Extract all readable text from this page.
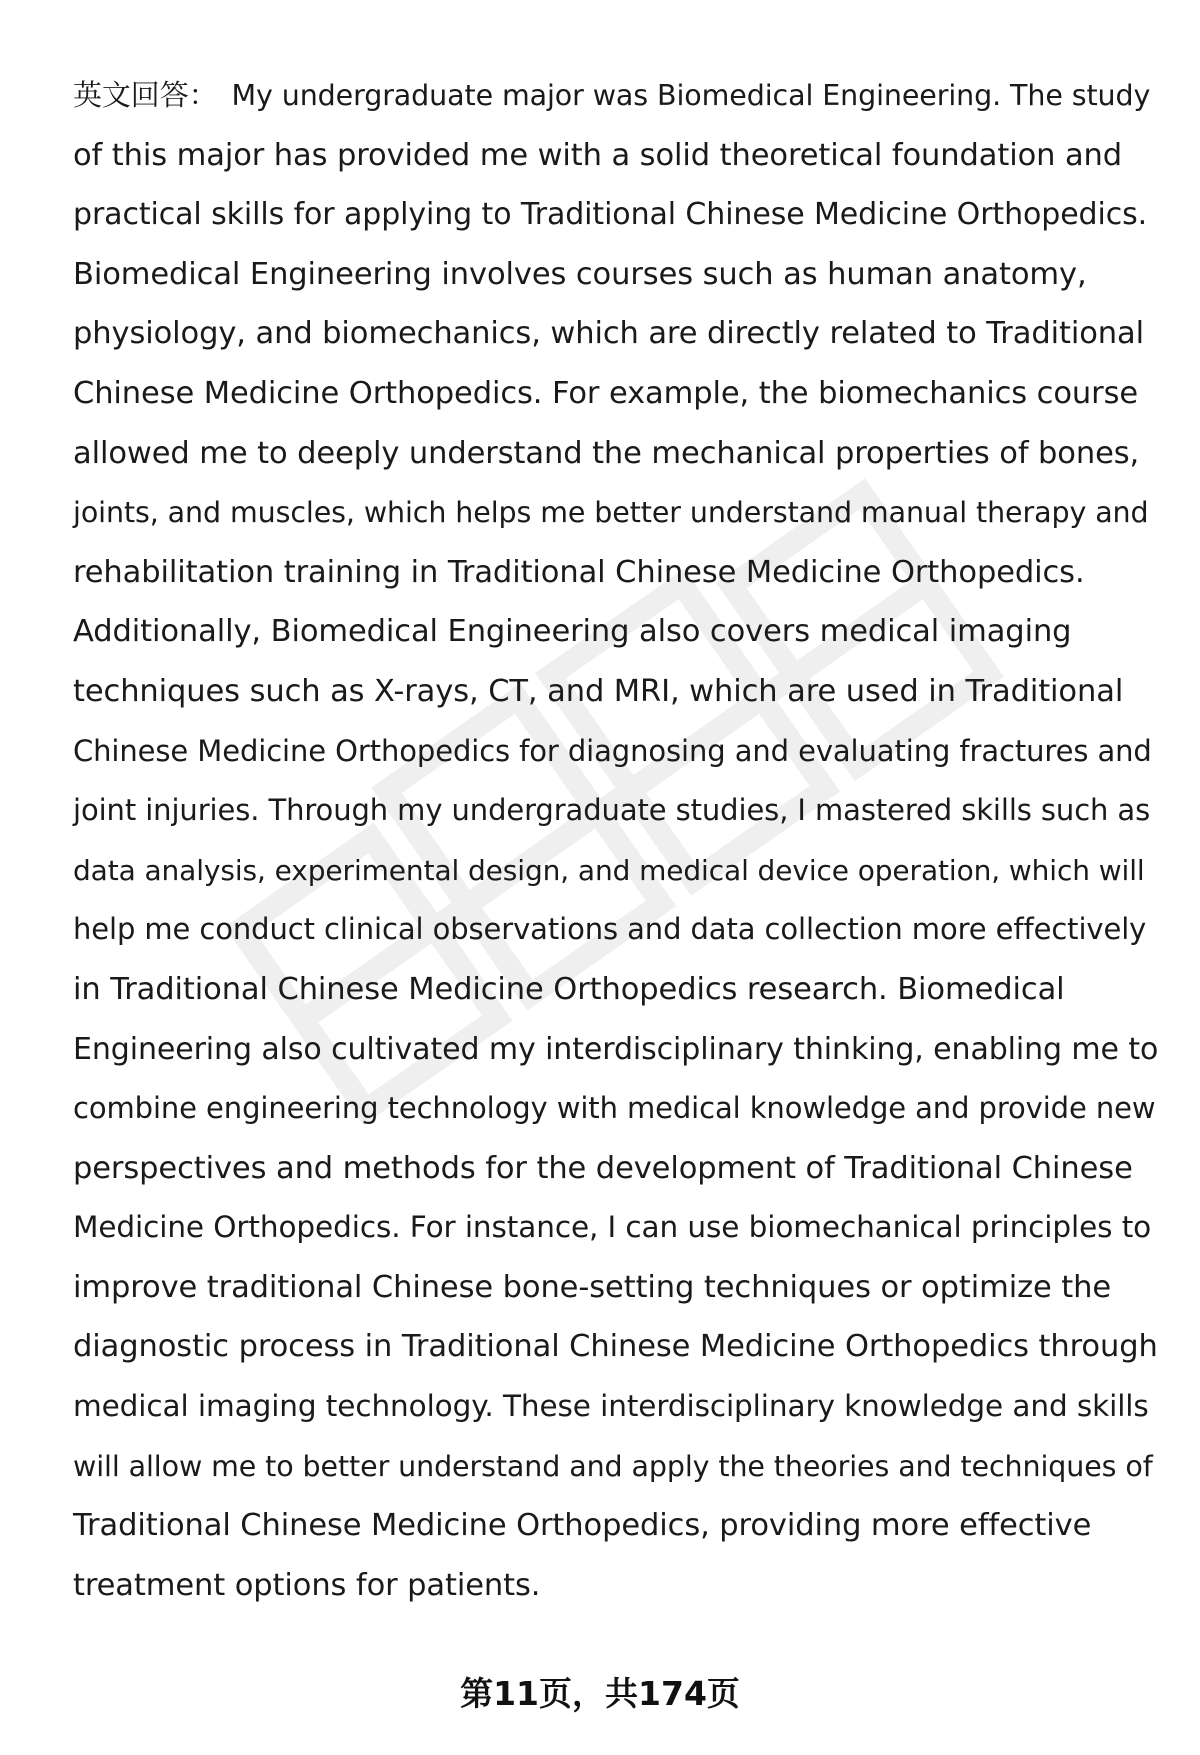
英文回答： My undergraduate major was Biomedical Engineering. The study
of this major has provided me with a solid theoretical foundation and
practical skills for applying to Traditional Chinese Medicine Orthopedics.
Biomedical Engineering involves courses such as human anatomy,
physiology, and biomechanics, which are directly related to Traditional
Chinese Medicine Orthopedics. For example, the biomechanics course
allowed me to deeply understand the mechanical properties of bones,
joints, and muscles, which helps me better understand manual therapy and
rehabilitation training in Traditional Chinese Medicine Orthopedics.
Additionally, Biomedical Engineering also covers medical imaging
techniques such as X-rays, CT, and MRI, which are used in Traditional
Chinese Medicine Orthopedics for diagnosing and evaluating fractures and
joint injuries. Through my undergraduate studies, I mastered skills such as
data analysis, experimental design, and medical device operation, which will
help me conduct clinical observations and data collection more effectively
in Traditional Chinese Medicine Orthopedics research. Biomedical
Engineering also cultivated my interdisciplinary thinking, enabling me to
combine engineering technology with medical knowledge and provide new
perspectives and methods for the development of Traditional Chinese
Medicine Orthopedics. For instance, I can use biomechanical principles to
improve traditional Chinese bone-setting techniques or optimize the
diagnostic process in Traditional Chinese Medicine Orthopedics through
medical imaging technology. These interdisciplinary knowledge and skills
will allow me to better understand and apply the theories and techniques of
Traditional Chinese Medicine Orthopedics, providing more effective
treatment options for patients.
第11页，共174页
